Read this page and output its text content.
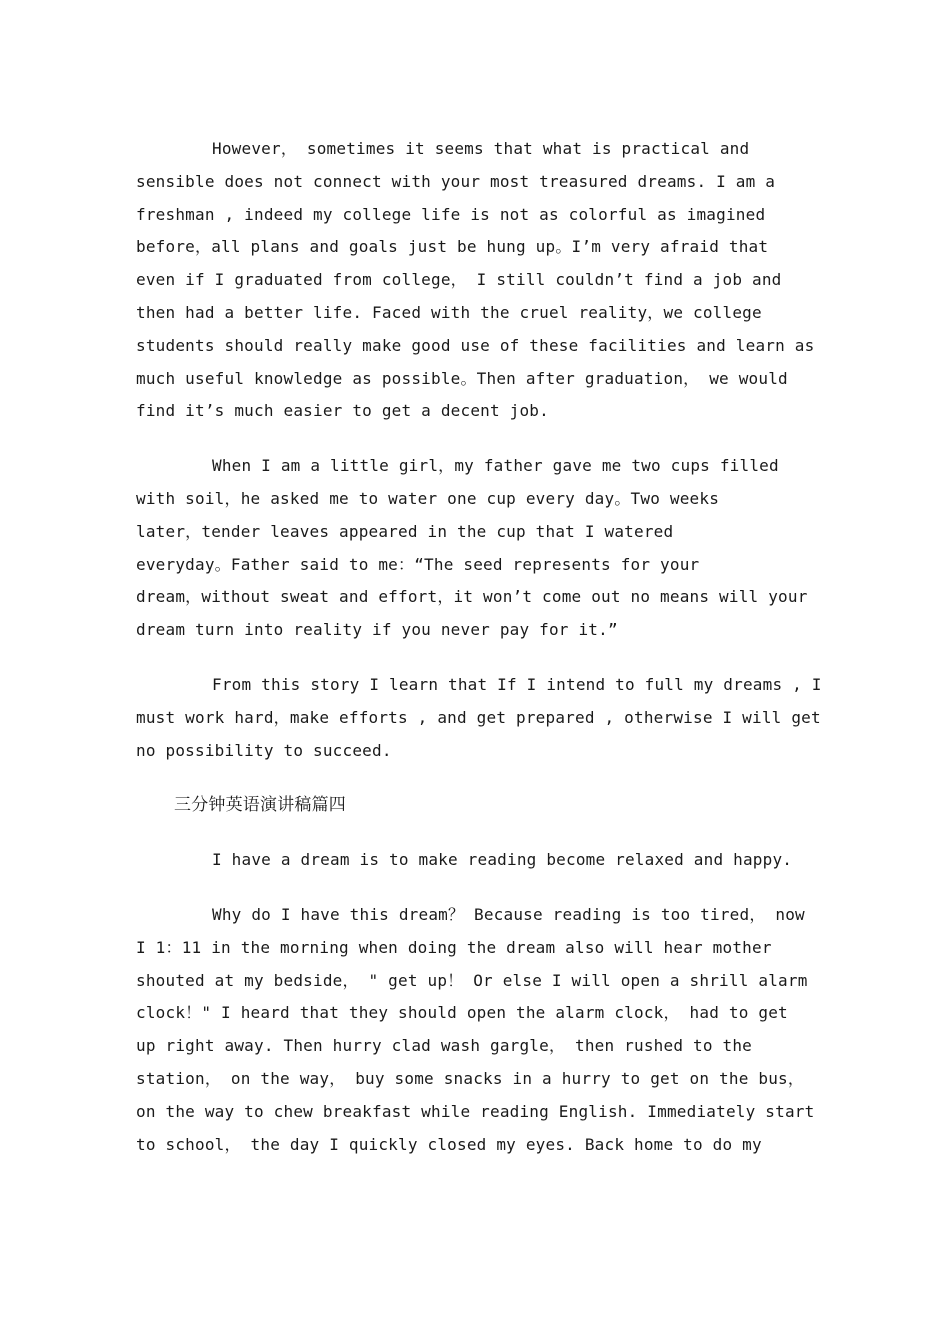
However， sometimes it seems that what is practical and
sensible does not connect with your most treasured dreams. I am a
freshman , indeed my college life is not as colorful as imagined
before，all plans and goals just be hung up。I’m very afraid that
even if I graduated from college， I still couldn’t find a job and
then had a better life. Faced with the cruel reality，we college
students should really make good use of these facilities and learn as
much useful knowledge as possible。Then after graduation， we would
find it’s much easier to get a decent job.
When I am a little girl，my father gave me two cups filled
with soil，he asked me to water one cup every day。Two weeks
later，tender leaves appeared in the cup that I watered
everyday。Father said to me：“The seed represents for your
dream，without sweat and effort，it won’t come out no means will your
dream turn into reality if you never pay for it.”
From this story I learn that If I intend to full my dreams , I
must work hard，make efforts , and get prepared , otherwise I will get
no possibility to succeed.
三分钟英语演讲稿篇四
I have a dream is to make reading become relaxed and happy.
Why do I have this dream？ Because reading is too tired， now
I 1：11 in the morning when doing the dream also will hear mother
shouted at my bedside， " get up！ Or else I will open a shrill alarm
clock！" I heard that they should open the alarm clock， had to get
up right away. Then hurry clad wash gargle， then rushed to the
station， on the way， buy some snacks in a hurry to get on the bus，
on the way to chew breakfast while reading English. Immediately start
to school， the day I quickly closed my eyes. Back home to do my
